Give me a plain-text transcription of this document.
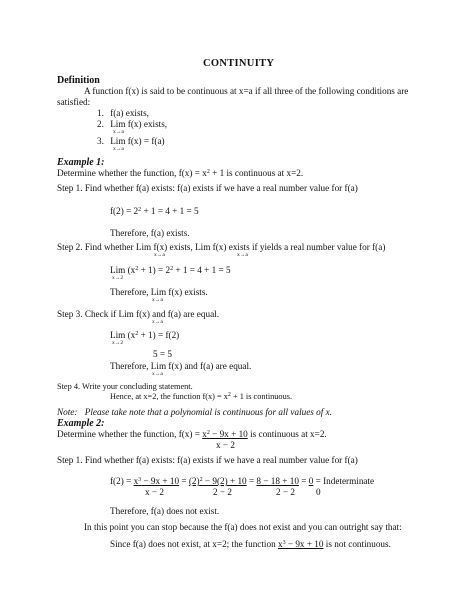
CONTINUITY
Definition
A function f(x) is said to be continuous at x=a if all three of the following conditions are
satisfied:
1. f(a) exists,
2. Lim f(x) exists,
x→a
3. Lim f(x) = f(a)
x→a
Example 1:
Determine whether the function, $f(x) = x^2 + 1$ is continuous at x=2.
Step 1. Find whether f(a) exists: f(a) exists if we have a real number value for f(a)
$f(2) = 2^2 + 1 = 4 + 1 = 5$
Therefore, f(a) exists.
Step 2. Find whether Lim f(x) exists, Lim f(x) exists if yields a real number value for f(a)
x→a	x→a
Lim $(x^2 + 1) = 2^2 + 1 = 4 + 1 = 5$
x→2
Therefore, Lim f(x) exists.
x→a
Step 3. Check if Lim f(x) and f(a) are equal.
x→a
Lim $(x^2 + 1) = f(2)$
x→2
5 = 5
Therefore, Lim f(x) and f(a) are equal.
x→a
Step 4. Write your concluding statement.
Hence, at x=2, the function $f(x) = x^2 + 1$ is continuous.
Note: Please take note that a polynomial is continuous for all values of x.
Example 2:
Determine whether the function, $f(x) = x^2 - 9x + 10$ is continuous at x=2.
x − 2
Step 1. Find whether f(a) exists: f(a) exists if we have a real number value for f(a)
$f(2) = x^3 - 9x + 10 = (2)^2 - 9(2) + 10 = 8 - 18 + 10 = 0$ = Indeterminate
x − 2	2 − 2	2 − 2 0
Therefore, f(a) does not exist.
In this point you can stop because the f(a) does not exist and you can outright say that:
Since f(a) does not exist, at x=2; the function $x^3 - 9x + 10$ is not continuous.
